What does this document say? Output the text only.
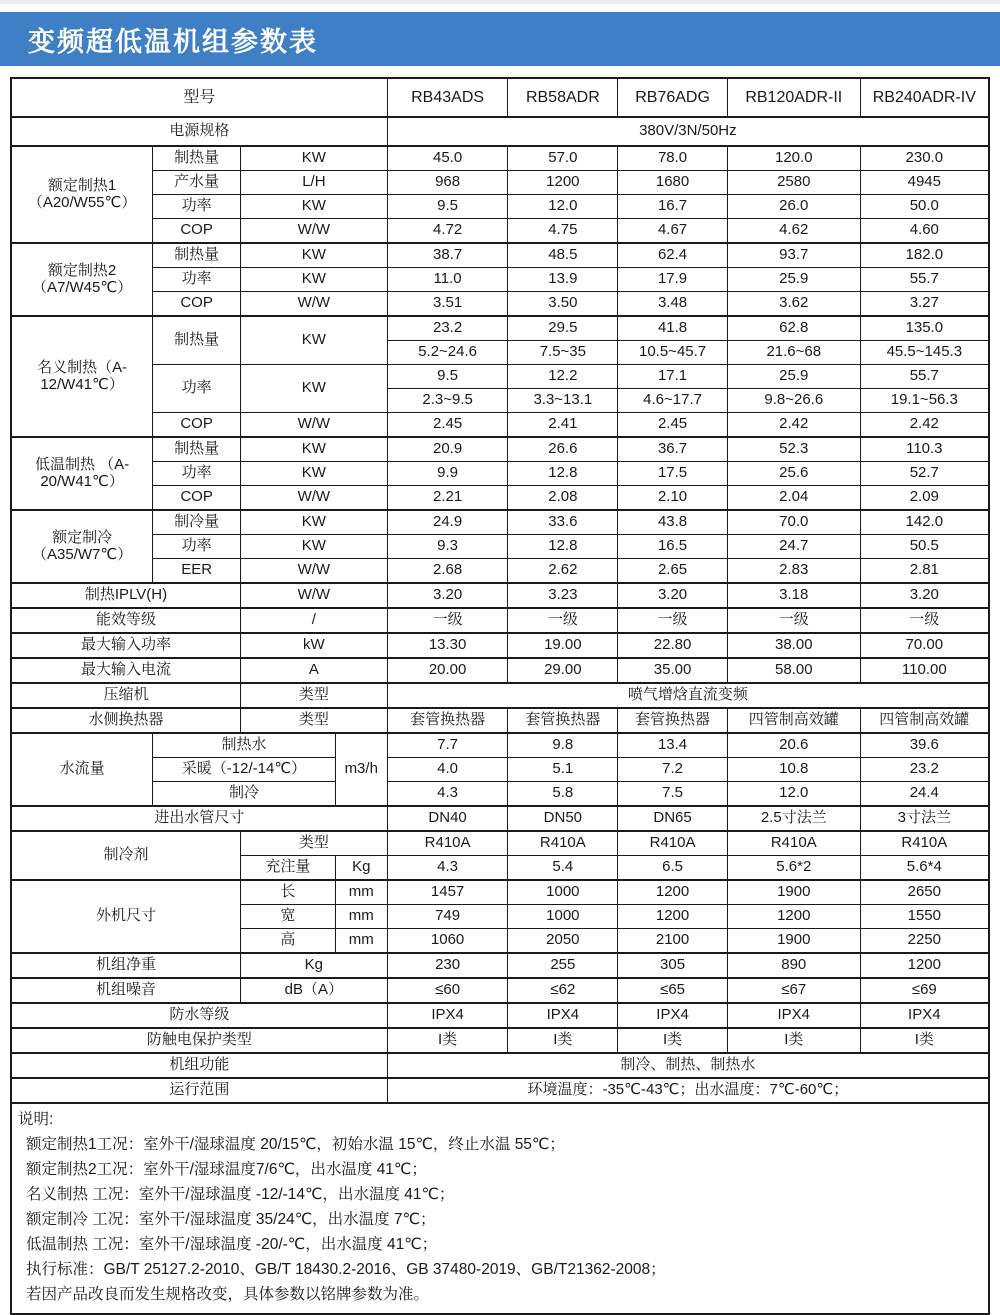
变频超低温机组参数表
型号				RB43ADS	RB58ADR	RB76ADG	RB120ADR-II	RB240ADR-IV
电源规格				380V/3N/50Hz				
额定制热1（A20/W55℃）	制热量	KW		45.0	57.0	78.0	120.0	230.0
	产水量	L/H		968	1200	1680	2580	4945
	功率	KW		9.5	12.0	16.7	26.0	50.0
	COP	W/W		4.72	4.75	4.67	4.62	4.60
额定制热2（A7/W45℃）	制热量	KW		38.7	48.5	62.4	93.7	182.0
	功率	KW		11.0	13.9	17.9	25.9	55.7
	COP	W/W		3.51	3.50	3.48	3.62	3.27
名义制热（A-12/W41℃）	制热量	KW		23.2	29.5	41.8	62.8	135.0
				5.2~24.6	7.5~35	10.5~45.7	21.6~68	45.5~145.3
	功率	KW		9.5	12.2	17.1	25.9	55.7
				2.3~9.5	3.3~13.1	4.6~17.7	9.8~26.6	19.1~56.3
	COP	W/W		2.45	2.41	2.45	2.42	2.42
低温制热 （A-20/W41℃）	制热量	KW		20.9	26.6	36.7	52.3	110.3
	功率	KW		9.9	12.8	17.5	25.6	52.7
	COP	W/W		2.21	2.08	2.10	2.04	2.09
额定制冷（A35/W7℃）	制冷量	KW		24.9	33.6	43.8	70.0	142.0
	功率	KW		9.3	12.8	16.5	24.7	50.5
	EER	W/W		2.68	2.62	2.65	2.83	2.81
制热IPLV(H)		W/W		3.20	3.23	3.20	3.18	3.20
能效等级		/		一级	一级	一级	一级	一级
最大输入功率		kW		13.30	19.00	22.80	38.00	70.00
最大输入电流		A		20.00	29.00	35.00	58.00	110.00
压缩机		类型		喷气增焓直流变频				
水侧换热器		类型		套管换热器	套管换热器	套管换热器	四管制高效罐	四管制高效罐
水流量	制热水		m3/h	7.7	9.8	13.4	20.6	39.6
	采暖（-12/-14℃）			4.0	5.1	7.2	10.8	23.2
	制冷			4.3	5.8	7.5	12.0	24.4
进出水管尺寸				DN40	DN50	DN65	2.5寸法兰	3寸法兰
制冷剂		类型		R410A	R410A	R410A	R410A	R410A
		充注量	Kg	4.3	5.4	6.5	5.6*2	5.6*4
外机尺寸		长	mm	1457	1000	1200	1900	2650
		宽	mm	749	1000	1200	1200	1550
		高	mm	1060	2050	2100	1900	2250
机组净重		Kg		230	255	305	890	1200
机组噪音		dB（A）		≤60	≤62	≤65	≤67	≤69
防水等级				IPX4	IPX4	IPX4	IPX4	IPX4
防触电保护类型				I类	I类	I类	I类	I类
机组功能				制冷、制热、制热水				
运行范围				环境温度：-35℃-43℃；出水温度：7℃-60℃；				
说明:
额定制热1工况：室外干/湿球温度 20/15℃，初始水温 15℃，终止水温 55℃；
额定制热2工况：室外干/湿球温度7/6℃，出水温度 41℃；
名义制热 工况：室外干/湿球温度 -12/-14℃，出水温度 41℃；
额定制冷 工况：室外干/湿球温度 35/24℃，出水温度 7℃；
低温制热 工况：室外干/湿球温度 -20/-℃，出水温度 41℃；
执行标准：GB/T 25127.2-2010、GB/T 18430.2-2016、GB 37480-2019、GB/T21362-2008；
若因产品改良而发生规格改变，具体参数以铭牌参数为准。
